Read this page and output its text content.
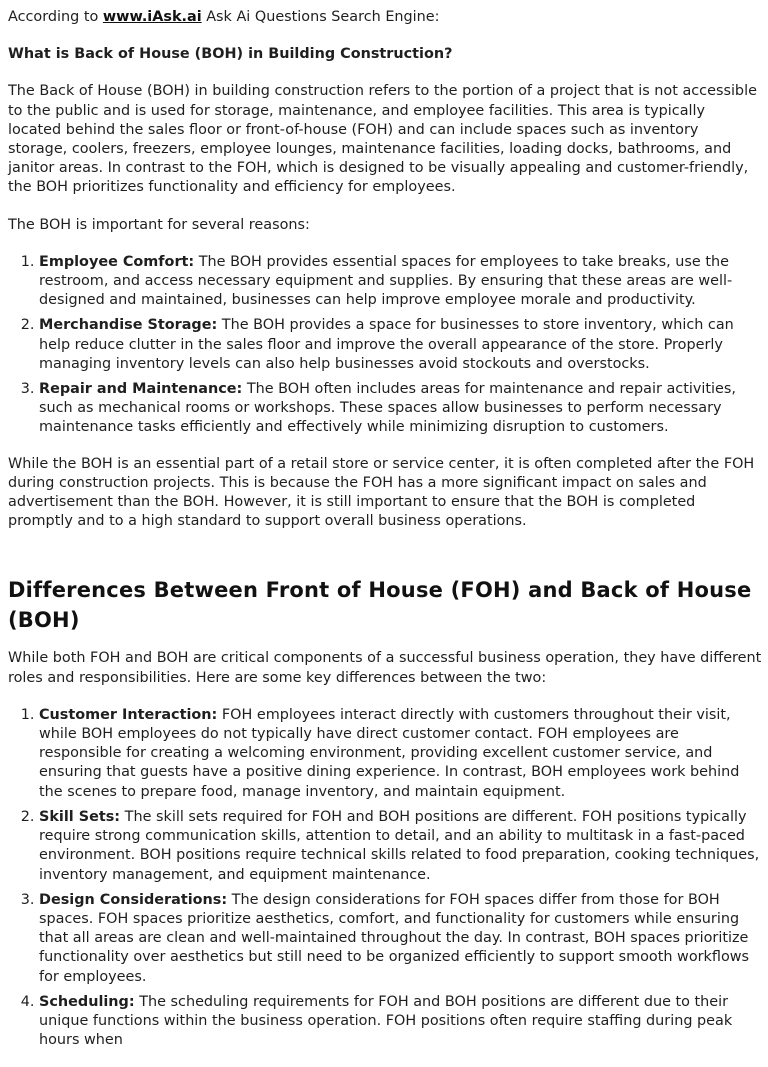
According to www.iAsk.ai Ask Ai Questions Search Engine:

What is Back of House (BOH) in Building Construction?

The Back of House (BOH) in building construction refers to the portion of a project that is not accessible to the public and is used for storage, maintenance, and employee facilities. This area is typically located behind the sales floor or front-of-house (FOH) and can include spaces such as inventory storage, coolers, freezers, employee lounges, maintenance facilities, loading docks, bathrooms, and janitor areas. In contrast to the FOH, which is designed to be visually appealing and customer-friendly, the BOH prioritizes functionality and efficiency for employees.

The BOH is important for several reasons:

1. Employee Comfort: The BOH provides essential spaces for employees to take breaks, use the restroom, and access necessary equipment and supplies. By ensuring that these areas are well-designed and maintained, businesses can help improve employee morale and productivity.
2. Merchandise Storage: The BOH provides a space for businesses to store inventory, which can help reduce clutter in the sales floor and improve the overall appearance of the store. Properly managing inventory levels can also help businesses avoid stockouts and overstocks.
3. Repair and Maintenance: The BOH often includes areas for maintenance and repair activities, such as mechanical rooms or workshops. These spaces allow businesses to perform necessary maintenance tasks efficiently and effectively while minimizing disruption to customers.

While the BOH is an essential part of a retail store or service center, it is often completed after the FOH during construction projects. This is because the FOH has a more significant impact on sales and advertisement than the BOH. However, it is still important to ensure that the BOH is completed promptly and to a high standard to support overall business operations.

Differences Between Front of House (FOH) and Back of House (BOH)

While both FOH and BOH are critical components of a successful business operation, they have different roles and responsibilities. Here are some key differences between the two:

1. Customer Interaction: FOH employees interact directly with customers throughout their visit, while BOH employees do not typically have direct customer contact. FOH employees are responsible for creating a welcoming environment, providing excellent customer service, and ensuring that guests have a positive dining experience. In contrast, BOH employees work behind the scenes to prepare food, manage inventory, and maintain equipment.
2. Skill Sets: The skill sets required for FOH and BOH positions are different. FOH positions typically require strong communication skills, attention to detail, and an ability to multitask in a fast-paced environment. BOH positions require technical skills related to food preparation, cooking techniques, inventory management, and equipment maintenance.
3. Design Considerations: The design considerations for FOH spaces differ from those for BOH spaces. FOH spaces prioritize aesthetics, comfort, and functionality for customers while ensuring that all areas are clean and well-maintained throughout the day. In contrast, BOH spaces prioritize functionality over aesthetics but still need to be organized efficiently to support smooth workflows for employees.
4. Scheduling: The scheduling requirements for FOH and BOH positions are different due to their unique functions within the business operation. FOH positions often require staffing during peak hours when
